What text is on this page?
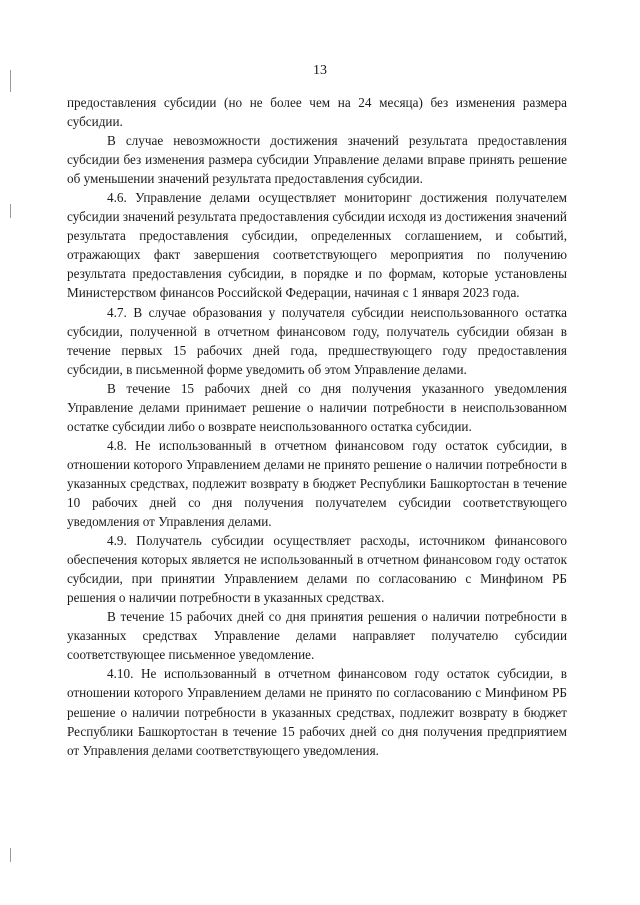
13

предоставления субсидии (но не более чем на 24 месяца) без изменения размера субсидии.

В случае невозможности достижения значений результата предоставления субсидии без изменения размера субсидии Управление делами вправе принять решение об уменьшении значений результата предоставления субсидии.

4.6. Управление делами осуществляет мониторинг достижения получателем субсидии значений результата предоставления субсидии исходя из достижения значений результата предоставления субсидии, определенных соглашением, и событий, отражающих факт завершения соответствующего мероприятия по получению результата предоставления субсидии, в порядке и по формам, которые установлены Министерством финансов Российской Федерации, начиная с 1 января 2023 года.

4.7. В случае образования у получателя субсидии неиспользованного остатка субсидии, полученной в отчетном финансовом году, получатель субсидии обязан в течение первых 15 рабочих дней года, предшествующего году предоставления субсидии, в письменной форме уведомить об этом Управление делами.

В течение 15 рабочих дней со дня получения указанного уведомления Управление делами принимает решение о наличии потребности в неиспользованном остатке субсидии либо о возврате неиспользованного остатка субсидии.

4.8. Не использованный в отчетном финансовом году остаток субсидии, в отношении которого Управлением делами не принято решение о наличии потребности в указанных средствах, подлежит возврату в бюджет Республики Башкортостан в течение 10 рабочих дней со дня получения получателем субсидии соответствующего уведомления от Управления делами.

4.9. Получатель субсидии осуществляет расходы, источником финансового обеспечения которых является не использованный в отчетном финансовом году остаток субсидии, при принятии Управлением делами по согласованию с Минфином РБ решения о наличии потребности в указанных средствах.

В течение 15 рабочих дней со дня принятия решения о наличии потребности в указанных средствах Управление делами направляет получателю субсидии соответствующее письменное уведомление.

4.10. Не использованный в отчетном финансовом году остаток субсидии, в отношении которого Управлением делами не принято по согласованию с Минфином РБ решение о наличии потребности в указанных средствах, подлежит возврату в бюджет Республики Башкортостан в течение 15 рабочих дней со дня получения предприятием от Управления делами соответствующего уведомления.
